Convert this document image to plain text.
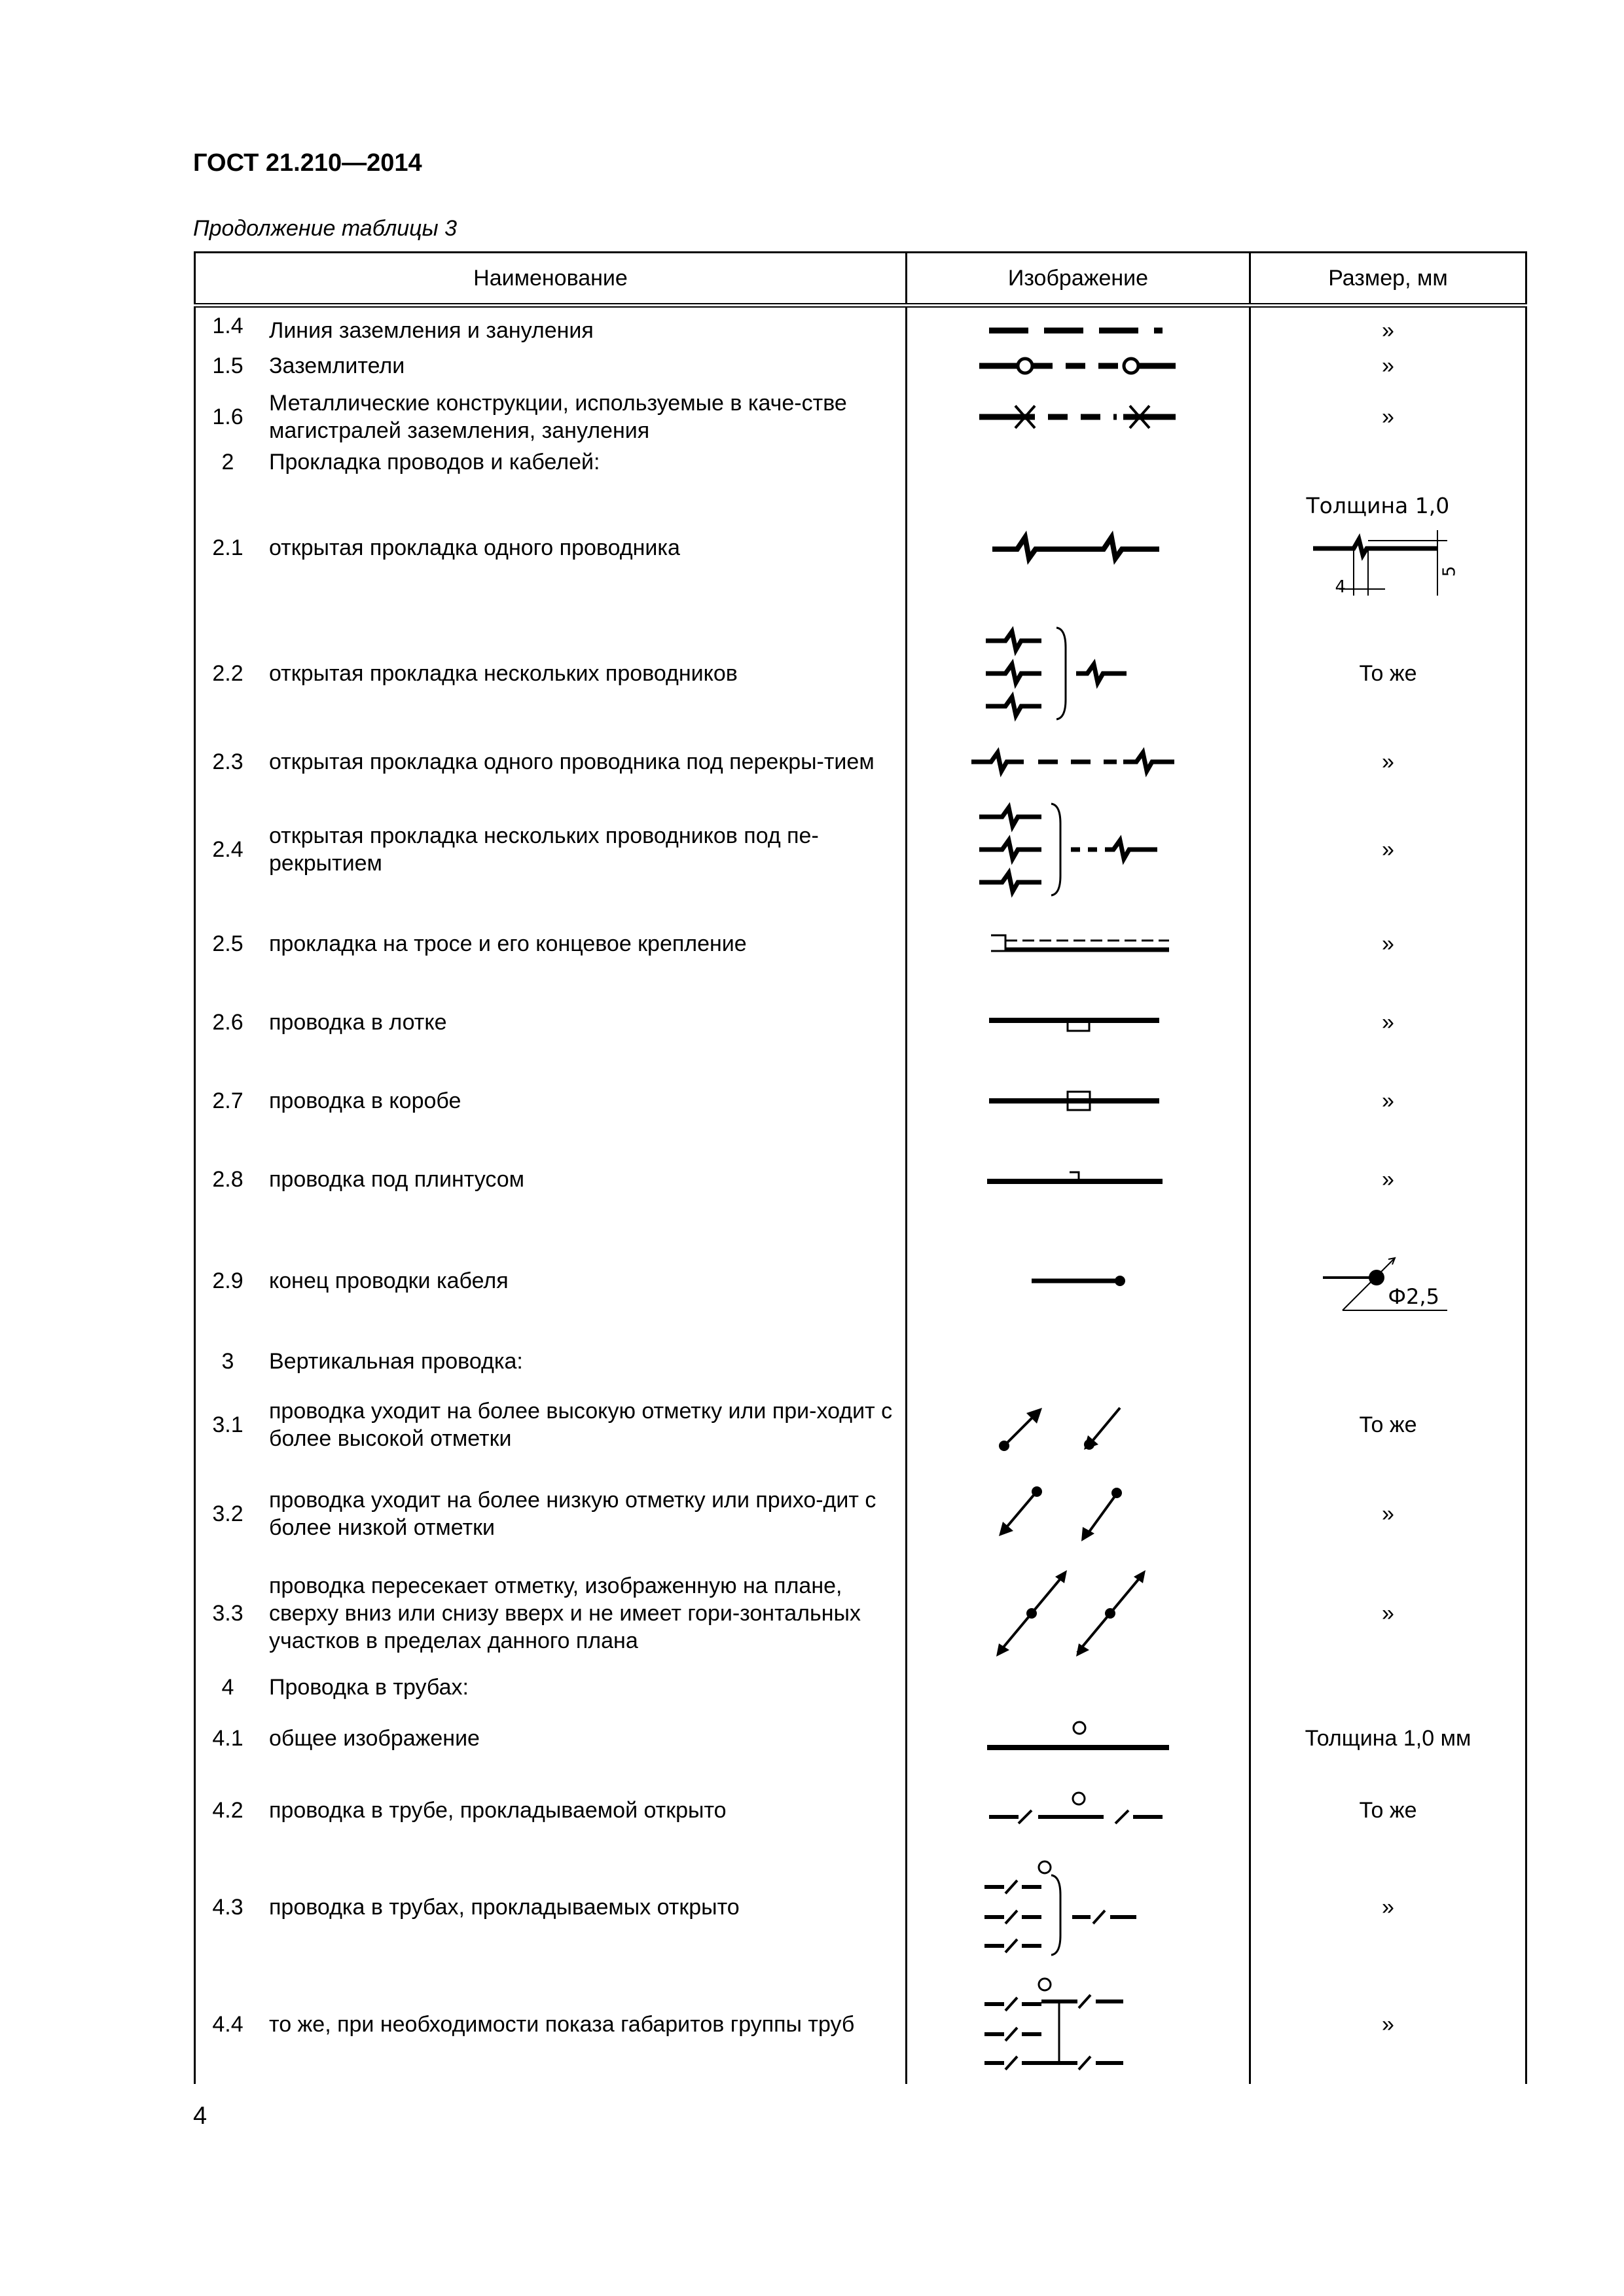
ГОСТ 21.210—2014
Продолжение таблицы 3
Наименование	Изображение	Размер, мм

1.4 Линия заземления и зануления		»

1.5 Заземлители		»

1.6
Металлические конструкции, используемые в каче-стве магистралей заземления, зануления		»

2 Прокладка проводов и кабелей:		

2.1 открытая прокладка одного проводника		Толщина 1,0
4
5

2.2 открытая прокладка нескольких проводников		То же

2.3 открытая прокладка одного проводника под перекры-тием		»

2.4
открытая прокладка нескольких проводников под пе-рекрытием		»

2.5 прокладка на тросе и его концевое крепление		»

2.6 проводка в лотке		»

2.7 проводка в коробе		»

2.8 проводка под плинтусом		»

2.9 конец проводки кабеля		Ф2,5

3 Вертикальная проводка:		

3.1
проводка уходит на более высокую отметку или при-ходит с более высокой отметки		То же

3.2
проводка уходит на более низкую отметку или прихо-дит с более низкой отметки		»

3.3
проводка пересекает отметку, изображенную на плане, сверху вниз или снизу вверх и не имеет гори-зонтальных участков в пределах данного плана		»

4 Проводка в трубах:		

4.1 общее изображение		Толщина 1,0 мм

4.2 проводка в трубе, прокладываемой открыто		То же

4.3 проводка в трубах, прокладываемых открыто		»

4.4 то же, при необходимости показа габаритов группы труб		»
4
